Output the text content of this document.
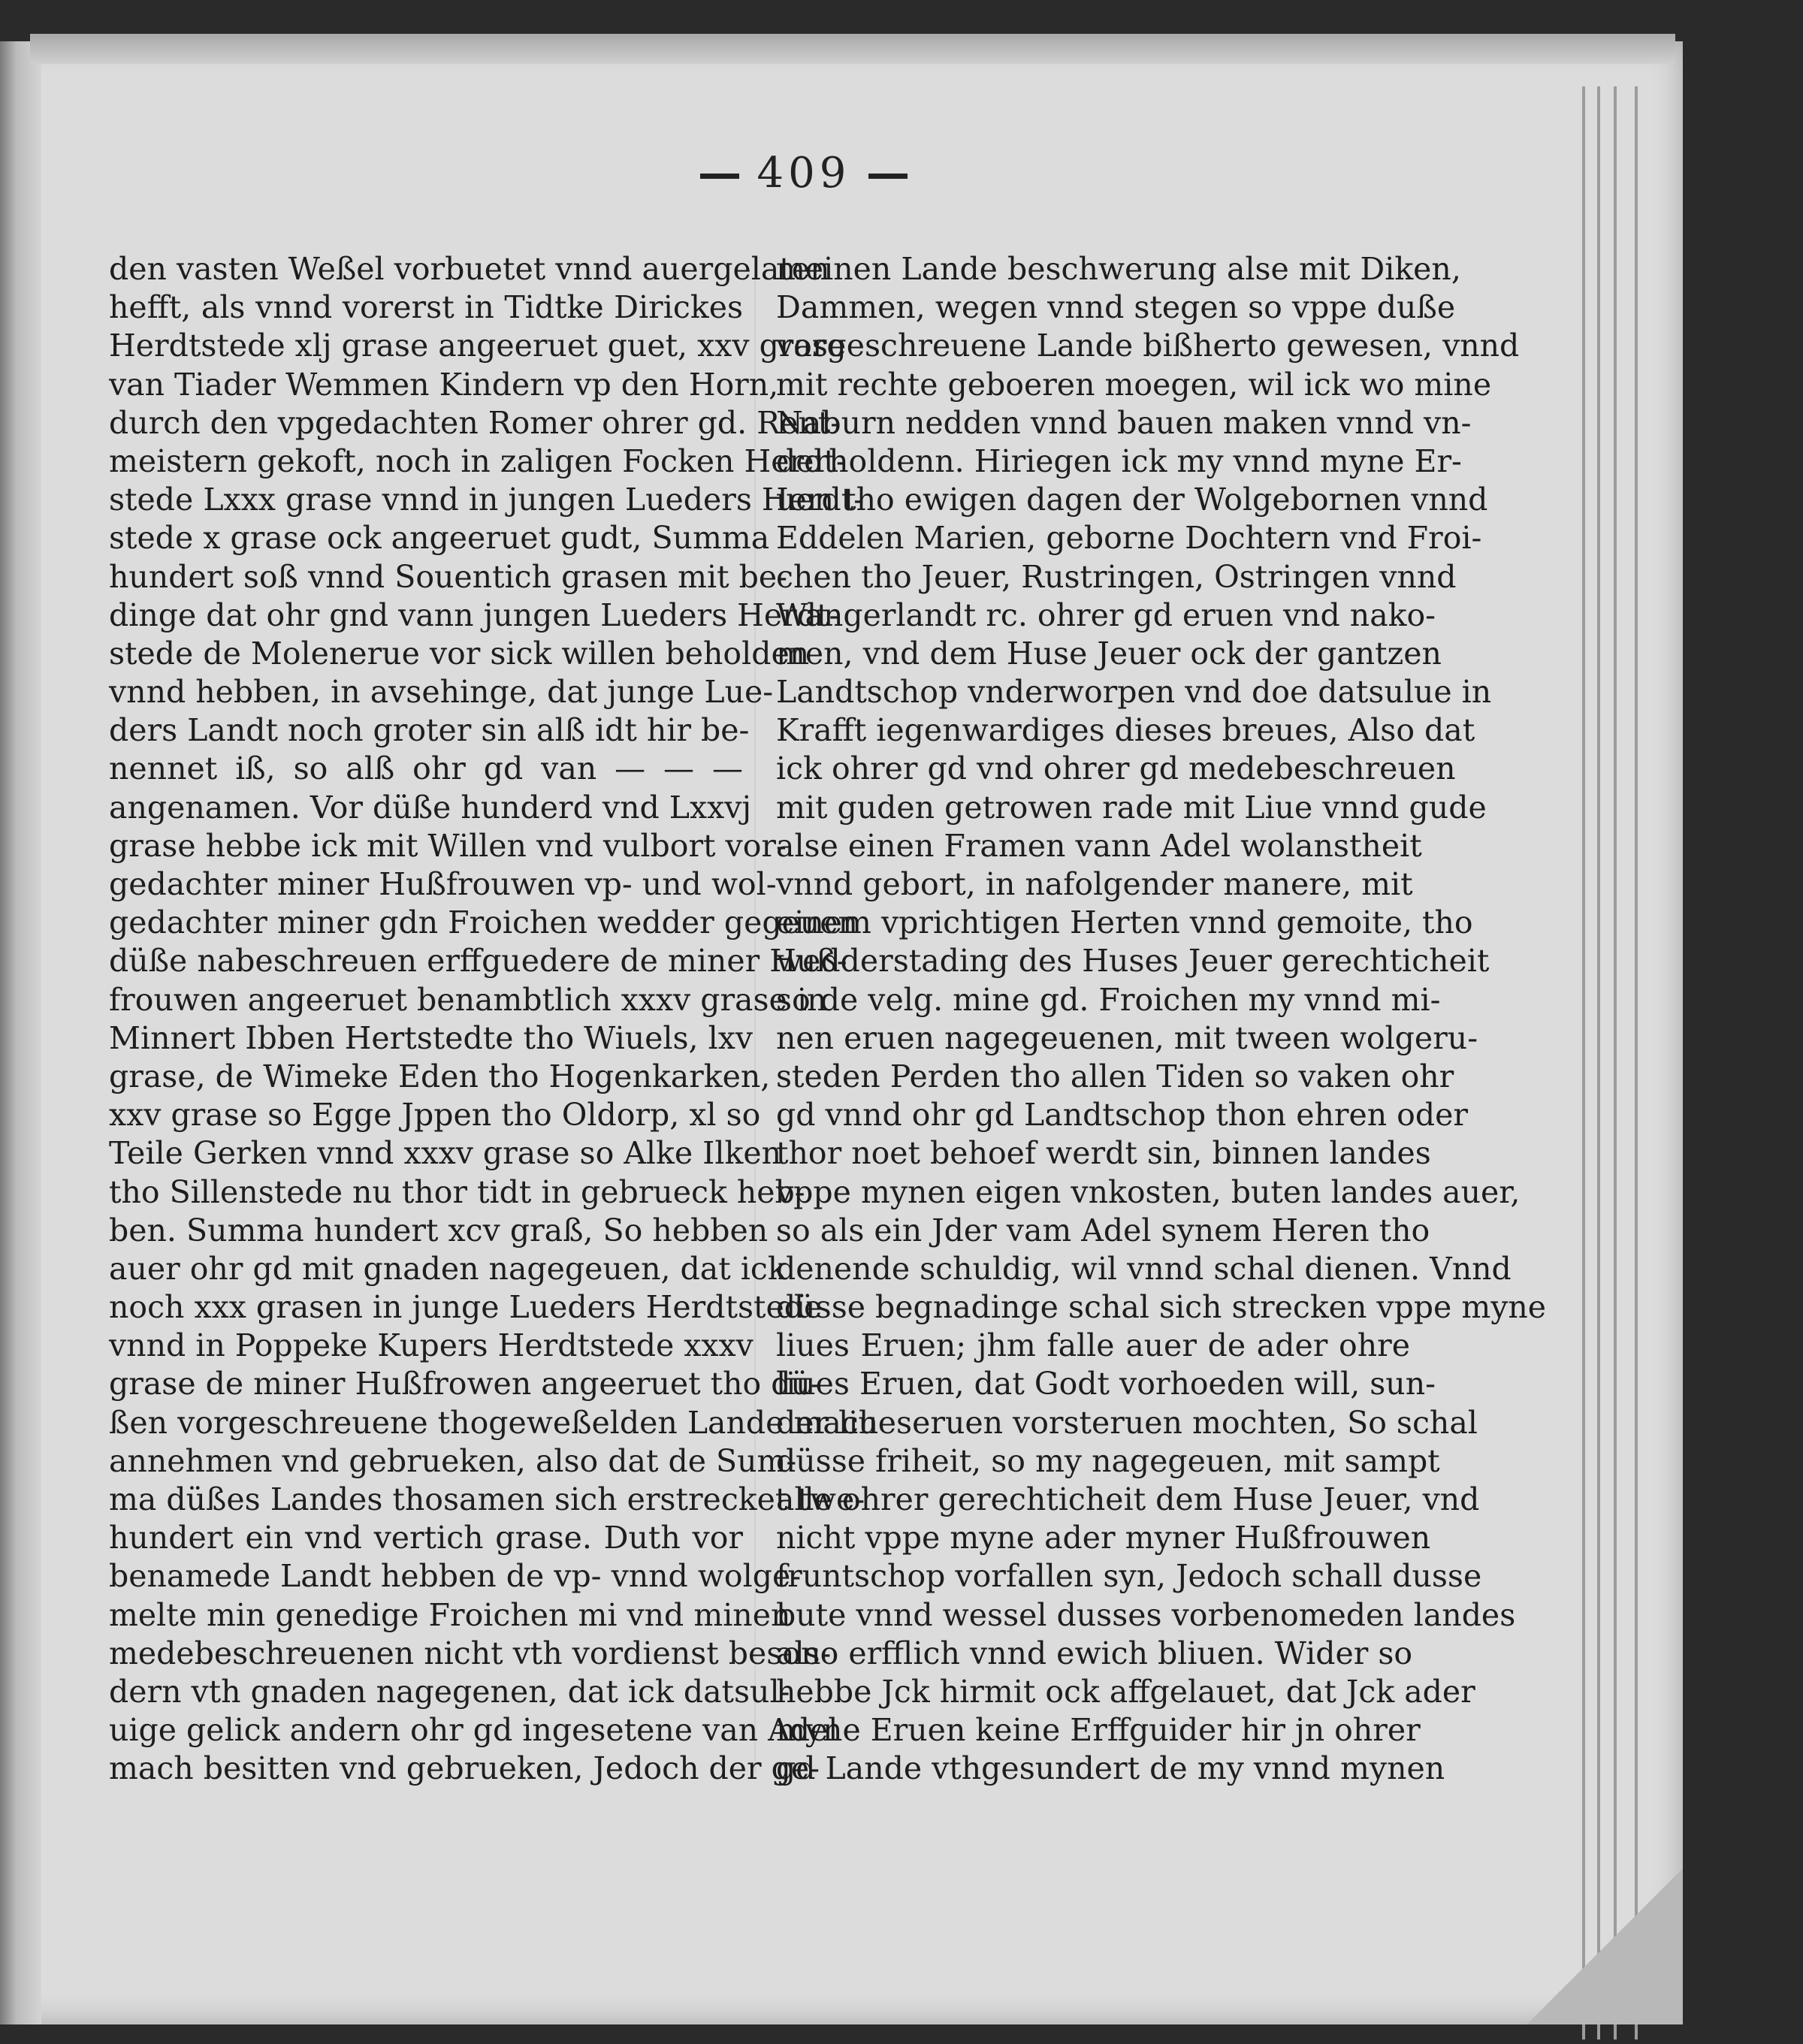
409
den vasten Weßel vorbuetet vnnd auergelaten
hefft, als vnnd vorerst in Tidtke Dirickes
Herdtstede xlj grase angeeruet guet, xxv grase
van Tiader Wemmen Kindern vp den Horn,
durch den vpgedachten Romer ohrer gd. Rent-
meistern gekoft, noch in zaligen Focken Herdt-
stede Lxxx grase vnnd in jungen Lueders Herdt-
stede x grase ock angeeruet gudt, Summa
hundert soß vnnd Souentich grasen mit be-
dinge dat ohr gnd vann jungen Lueders Herdt-
stede de Molenerue vor sick willen beholden
vnnd hebben, in avsehinge, dat junge Lue-
ders Landt noch groter sin alß idt hir be-
nennet iß, so alß ohr gd van — — —
angenamen. Vor düße hunderd vnd Lxxvj
grase hebbe ick mit Willen vnd vulbort vor-
gedachter miner Hußfrouwen vp- und wol-
gedachter miner gdn Froichen wedder gegeuen
düße nabeschreuen erffguedere de miner Huß-
frouwen angeeruet benambtlich xxxv grase in
Minnert Ibben Hertstedte tho Wiuels, lxv
grase, de Wimeke Eden tho Hogenkarken,
xxv grase so Egge Jppen tho Oldorp, xl so
Teile Gerken vnnd xxxv grase so Alke Ilken
tho Sillenstede nu thor tidt in gebrueck heb-
ben. Summa hundert xcv graß, So hebben
auer ohr gd mit gnaden nagegeuen, dat ick
noch xxx grasen in junge Lueders Herdtstede
vnnd in Poppeke Kupers Herdtstede xxxv
grase de miner Hußfrowen angeeruet tho dü-
ßen vorgeschreuene thogeweßelden Lande mach
annehmen vnd gebrueken, also dat de Sum-
ma düßes Landes thosamen sich erstrecket twe-
hundert ein vnd vertich grase. Duth vor
benamede Landt hebben de vp- vnnd wolge-
melte min genedige Froichen mi vnd minen
medebeschreuenen nicht vth vordienst beson-
dern vth gnaden nagegenen, dat ick datsul-
uige gelick andern ohr gd ingesetene van Adel
mach besitten vnd gebrueken, Jedoch der ge-
meinen Lande beschwerung alse mit Diken,
Dammen, wegen vnnd stegen so vppe duße
vorgeschreuene Lande bißherto gewesen, vnnd
mit rechte geboeren moegen, wil ick wo mine
Naburn nedden vnnd bauen maken vnnd vn-
derholdenn. Hiriegen ick my vnnd myne Er-
uen tho ewigen dagen der Wolgebornen vnnd
Eddelen Marien, geborne Dochtern vnd Froi-
chen tho Jeuer, Rustringen, Ostringen vnnd
Wangerlandt rc. ohrer gd eruen vnd nako-
men, vnd dem Huse Jeuer ock der gantzen
Landtschop vnderworpen vnd doe datsulue in
Krafft iegenwardiges dieses breues, Also dat
ick ohrer gd vnd ohrer gd medebeschreuen
mit guden getrowen rade mit Liue vnnd gude
alse einen Framen vann Adel wolanstheit
vnnd gebort, in nafolgender manere, mit
einem vprichtigen Herten vnnd gemoite, tho
wedderstading des Huses Jeuer gerechticheit
so de velg. mine gd. Froichen my vnnd mi-
nen eruen nagegeuenen, mit tween wolgeru-
steden Perden tho allen Tiden so vaken ohr
gd vnnd ohr gd Landtschop thon ehren oder
thor noet behoef werdt sin, binnen landes
vppe mynen eigen vnkosten, buten landes auer,
so als ein Jder vam Adel synem Heren tho
denende schuldig, wil vnnd schal dienen. Vnnd
düsse begnadinge schal sich strecken vppe myne
liues Eruen; jhm falle auer de ader ohre
liues Eruen, dat Godt vorhoeden will, sun-
der liueseruen vorsteruen mochten, So schal
düsse friheit, so my nagegeuen, mit sampt
alle ohrer gerechticheit dem Huse Jeuer, vnd
nicht vppe myne ader myner Hußfrouwen
fruntschop vorfallen syn, Jedoch schall dusse
bute vnnd wessel dusses vorbenomeden landes
also erfflich vnnd ewich bliuen. Wider so
hebbe Jck hirmit ock affgelauet, dat Jck ader
myne Eruen keine Erffguider hir jn ohrer
gd Lande vthgesundert de my vnnd mynen
